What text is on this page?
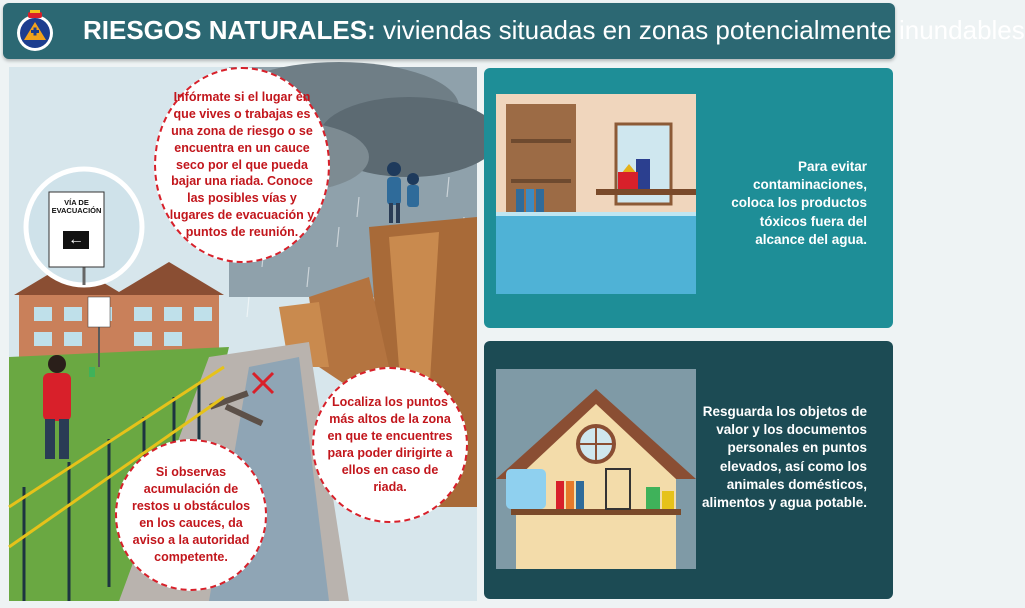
RIESGOS NATURALES: viviendas situadas en zonas potencialmente inundables
VÍA DE
EVACUACIÓN
←
Infórmate si el lugar en que vives o trabajas es una zona de riesgo o se encuentra en un cauce seco por el que pueda bajar una riada. Conoce las posibles vías y lugares de evacuación y puntos de reunión.
Localiza los puntos más altos de la zona en que te encuentres para poder dirigirte a ellos en caso de riada.
Si observas acumulación de restos u obstáculos en los cauces, da aviso a la autoridad competente.
Para evitar contaminaciones, coloca los productos tóxicos fuera del alcance del agua.
Resguarda los objetos de valor y los documentos personales en puntos elevados, así como los animales domésticos, alimentos y agua potable.
